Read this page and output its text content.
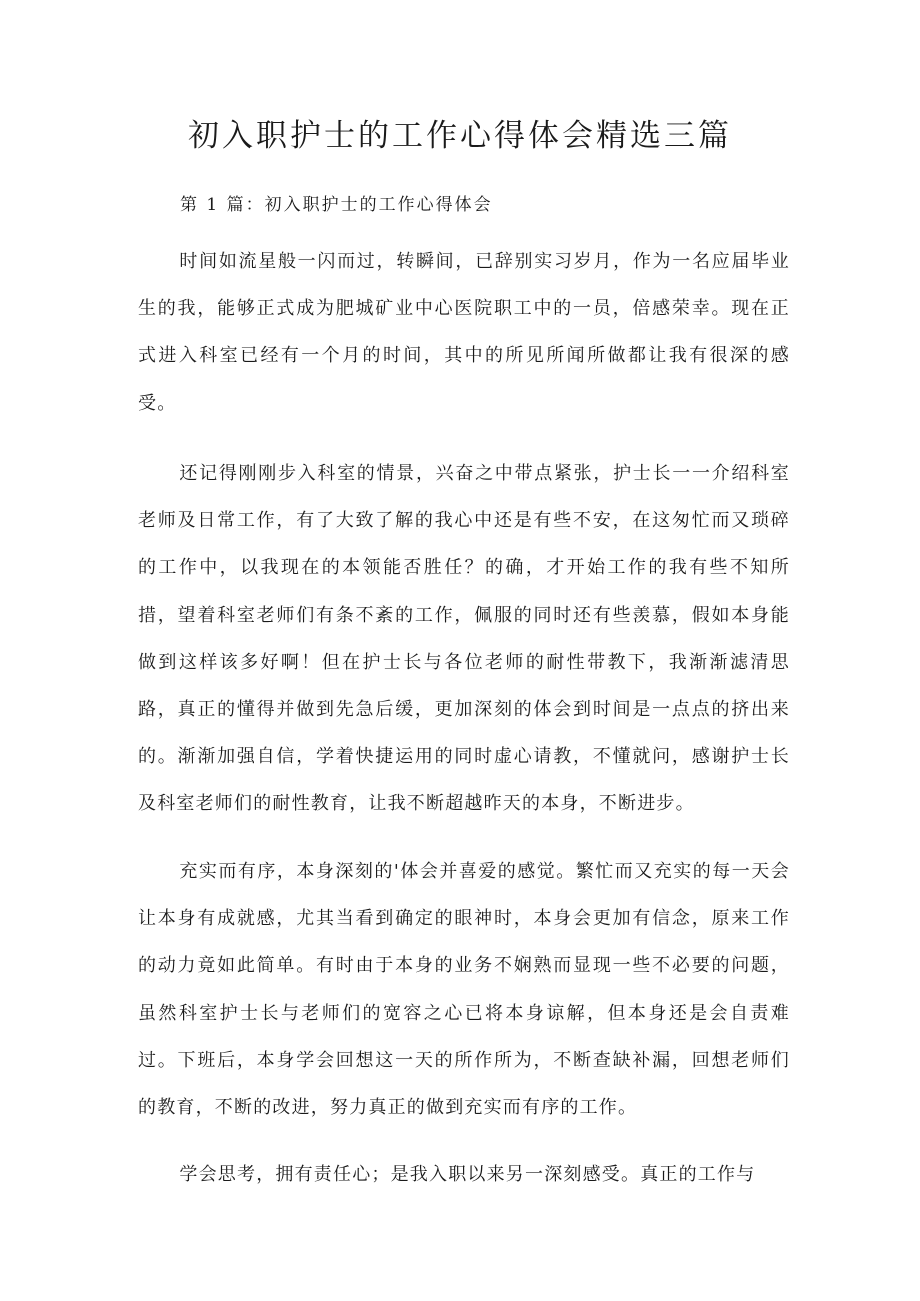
初入职护士的工作心得体会精选三篇

第 1 篇：初入职护士的工作心得体会

时间如流星般一闪而过，转瞬间，已辞别实习岁月，作为一名应届毕业生的我，能够正式成为肥城矿业中心医院职工中的一员，倍感荣幸。现在正式进入科室已经有一个月的时间，其中的所见所闻所做都让我有很深的感受。

还记得刚刚步入科室的情景，兴奋之中带点紧张，护士长一一介绍科室老师及日常工作，有了大致了解的我心中还是有些不安，在这匆忙而又琐碎的工作中，以我现在的本领能否胜任？的确，才开始工作的我有些不知所措，望着科室老师们有条不紊的工作，佩服的同时还有些羡慕，假如本身能做到这样该多好啊！但在护士长与各位老师的耐性带教下，我渐渐滤清思路，真正的懂得并做到先急后缓，更加深刻的体会到时间是一点点的挤出来的。渐渐加强自信，学着快捷运用的同时虚心请教，不懂就问，感谢护士长及科室老师们的耐性教育，让我不断超越昨天的本身，不断进步。

充实而有序，本身深刻的'体会并喜爱的感觉。繁忙而又充实的每一天会让本身有成就感，尤其当看到确定的眼神时，本身会更加有信念，原来工作的动力竟如此简单。有时由于本身的业务不娴熟而显现一些不必要的问题，虽然科室护士长与老师们的宽容之心已将本身谅解，但本身还是会自责难过。下班后，本身学会回想这一天的所作所为，不断查缺补漏，回想老师们的教育，不断的改进，努力真正的做到充实而有序的工作。

学会思考，拥有责任心；是我入职以来另一深刻感受。真正的工作与
